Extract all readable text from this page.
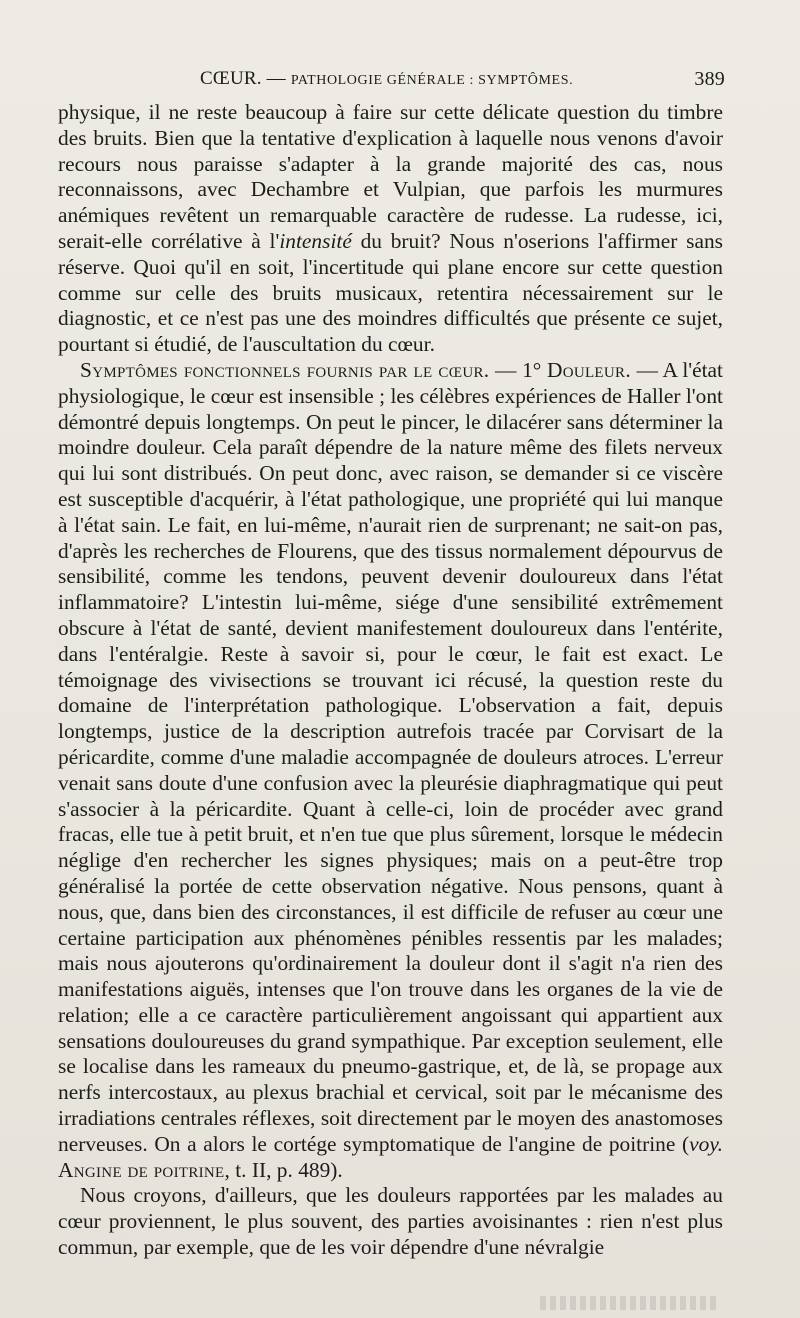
CŒUR. — PATHOLOGIE GÉNÉRALE : SYMPTÔMES.	389

physique, il ne reste beaucoup à faire sur cette délicate question du timbre des bruits. Bien que la tentative d'explication à laquelle nous venons d'avoir recours nous paraisse s'adapter à la grande majorité des cas, nous reconnaissons, avec Dechambre et Vulpian, que parfois les murmures anémiques revêtent un remarquable caractère de rudesse. La rudesse, ici, serait-elle corrélative à l'intensité du bruit? Nous n'oserions l'affirmer sans réserve. Quoi qu'il en soit, l'incertitude qui plane encore sur cette question comme sur celle des bruits musicaux, retentira nécessairement sur le diagnostic, et ce n'est pas une des moindres difficultés que présente ce sujet, pourtant si étudié, de l'auscultation du cœur.

Symptômes fonctionnels fournis par le cœur. — 1° Douleur. — A l'état physiologique, le cœur est insensible ; les célèbres expériences de Haller l'ont démontré depuis longtemps. On peut le pincer, le dilacérer sans déterminer la moindre douleur. Cela paraît dépendre de la nature même des filets nerveux qui lui sont distribués. On peut donc, avec raison, se demander si ce viscère est susceptible d'acquérir, à l'état pathologique, une propriété qui lui manque à l'état sain. Le fait, en lui-même, n'aurait rien de surprenant; ne sait-on pas, d'après les recherches de Flourens, que des tissus normalement dépourvus de sensibilité, comme les tendons, peuvent devenir douloureux dans l'état inflammatoire? L'intestin lui-même, siége d'une sensibilité extrêmement obscure à l'état de santé, devient manifestement douloureux dans l'entérite, dans l'entéralgie. Reste à savoir si, pour le cœur, le fait est exact. Le témoignage des vivisections se trouvant ici récusé, la question reste du domaine de l'interprétation pathologique. L'observation a fait, depuis longtemps, justice de la description autrefois tracée par Corvisart de la péricardite, comme d'une maladie accompagnée de douleurs atroces. L'erreur venait sans doute d'une confusion avec la pleurésie diaphragmatique qui peut s'associer à la péricardite. Quant à celle-ci, loin de procéder avec grand fracas, elle tue à petit bruit, et n'en tue que plus sûrement, lorsque le médecin néglige d'en rechercher les signes physiques; mais on a peut-être trop généralisé la portée de cette observation négative. Nous pensons, quant à nous, que, dans bien des circonstances, il est difficile de refuser au cœur une certaine participation aux phénomènes pénibles ressentis par les malades; mais nous ajouterons qu'ordinairement la douleur dont il s'agit n'a rien des manifestations aiguës, intenses que l'on trouve dans les organes de la vie de relation; elle a ce caractère particulièrement angoissant qui appartient aux sensations douloureuses du grand sympathique. Par exception seulement, elle se localise dans les rameaux du pneumo-gastrique, et, de là, se propage aux nerfs intercostaux, au plexus brachial et cervical, soit par le mécanisme des irradiations centrales réflexes, soit directement par le moyen des anastomoses nerveuses. On a alors le cortége symptomatique de l'angine de poitrine (voy. Angine de poitrine, t. II, p. 489).

Nous croyons, d'ailleurs, que les douleurs rapportées par les malades au cœur proviennent, le plus souvent, des parties avoisinantes : rien n'est plus commun, par exemple, que de les voir dépendre d'une névralgie
